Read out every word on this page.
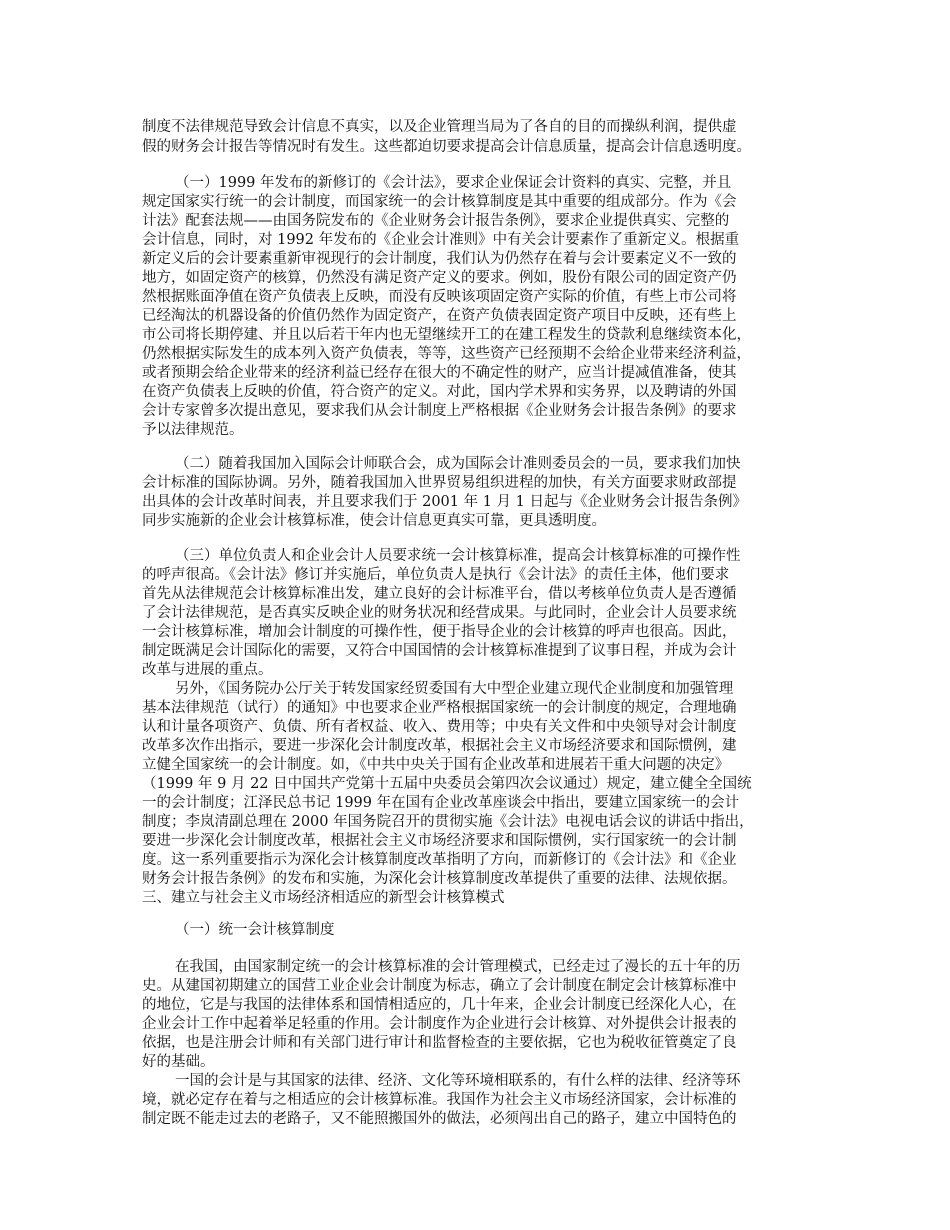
制度不法律规范导致会计信息不真实，以及企业管理当局为了各自的目的而操纵利润，提供虚
假的财务会计报告等情况时有发生。这些都迫切要求提高会计信息质量，提高会计信息透明度。
（一）1999 年发布的新修订的《会计法》，要求企业保证会计资料的真实、完整，并且
规定国家实行统一的会计制度，而国家统一的会计核算制度是其中重要的组成部分。作为《会
计法》配套法规——由国务院发布的《企业财务会计报告条例》，要求企业提供真实、完整的
会计信息，同时，对 1992 年发布的《企业会计准则》中有关会计要素作了重新定义。根据重
新定义后的会计要素重新审视现行的会计制度，我们认为仍然存在着与会计要素定义不一致的
地方，如固定资产的核算，仍然没有满足资产定义的要求。例如，股份有限公司的固定资产仍
然根据账面净值在资产负债表上反映，而没有反映该项固定资产实际的价值，有些上市公司将
已经淘汰的机器设备的价值仍然作为固定资产，在资产负债表固定资产项目中反映，还有些上
市公司将长期停建、并且以后若干年内也无望继续开工的在建工程发生的贷款利息继续资本化，
仍然根据实际发生的成本列入资产负债表，等等，这些资产已经预期不会给企业带来经济利益，
或者预期会给企业带来的经济利益已经存在很大的不确定性的财产，应当计提减值准备，使其
在资产负债表上反映的价值，符合资产的定义。对此，国内学术界和实务界，以及聘请的外国
会计专家曾多次提出意见，要求我们从会计制度上严格根据《企业财务会计报告条例》的要求
予以法律规范。
（二）随着我国加入国际会计师联合会，成为国际会计准则委员会的一员，要求我们加快
会计标准的国际协调。另外，随着我国加入世界贸易组织进程的加快，有关方面要求财政部提
出具体的会计改革时间表，并且要求我们于 2001 年 1 月 1 日起与《企业财务会计报告条例》
同步实施新的企业会计核算标准，使会计信息更真实可靠，更具透明度。
（三）单位负责人和企业会计人员要求统一会计核算标准，提高会计核算标准的可操作性
的呼声很高。《会计法》修订并实施后，单位负责人是执行《会计法》的责任主体，他们要求
首先从法律规范会计核算标准出发，建立良好的会计标准平台，借以考核单位负责人是否遵循
了会计法律规范，是否真实反映企业的财务状况和经营成果。与此同时，企业会计人员要求统
一会计核算标准，增加会计制度的可操作性，便于指导企业的会计核算的呼声也很高。因此，
制定既满足会计国际化的需要，又符合中国国情的会计核算标准提到了议事日程，并成为会计
改革与进展的重点。
另外，《国务院办公厅关于转发国家经贸委国有大中型企业建立现代企业制度和加强管理
基本法律规范（试行）的通知》中也要求企业严格根据国家统一的会计制度的规定，合理地确
认和计量各项资产、负债、所有者权益、收入、费用等；中央有关文件和中央领导对会计制度
改革多次作出指示，要进一步深化会计制度改革，根据社会主义市场经济要求和国际惯例，建
立健全国家统一的会计制度。如，《中共中央关于国有企业改革和进展若干重大问题的决定》
（1999 年 9 月 22 日中国共产党第十五届中央委员会第四次会议通过）规定，建立健全全国统
一的会计制度；江泽民总书记 1999 年在国有企业改革座谈会中指出，要建立国家统一的会计
制度；李岚清副总理在 2000 年国务院召开的贯彻实施《会计法》电视电话会议的讲话中指出，
要进一步深化会计制度改革，根据社会主义市场经济要求和国际惯例，实行国家统一的会计制
度。这一系列重要指示为深化会计核算制度改革指明了方向，而新修订的《会计法》和《企业
财务会计报告条例》的发布和实施，为深化会计核算制度改革提供了重要的法律、法规依据。
三、建立与社会主义市场经济相适应的新型会计核算模式
（一）统一会计核算制度
在我国，由国家制定统一的会计核算标准的会计管理模式，已经走过了漫长的五十年的历
史。从建国初期建立的国营工业企业会计制度为标志，确立了会计制度在制定会计核算标准中
的地位，它是与我国的法律体系和国情相适应的，几十年来，企业会计制度已经深化人心，在
企业会计工作中起着举足轻重的作用。会计制度作为企业进行会计核算、对外提供会计报表的
依据，也是注册会计师和有关部门进行审计和监督检查的主要依据，它也为税收征管奠定了良
好的基础。
一国的会计是与其国家的法律、经济、文化等环境相联系的，有什么样的法律、经济等环
境，就必定存在着与之相适应的会计核算标准。我国作为社会主义市场经济国家，会计标准的
制定既不能走过去的老路子，又不能照搬国外的做法，必须闯出自己的路子，建立中国特色的
